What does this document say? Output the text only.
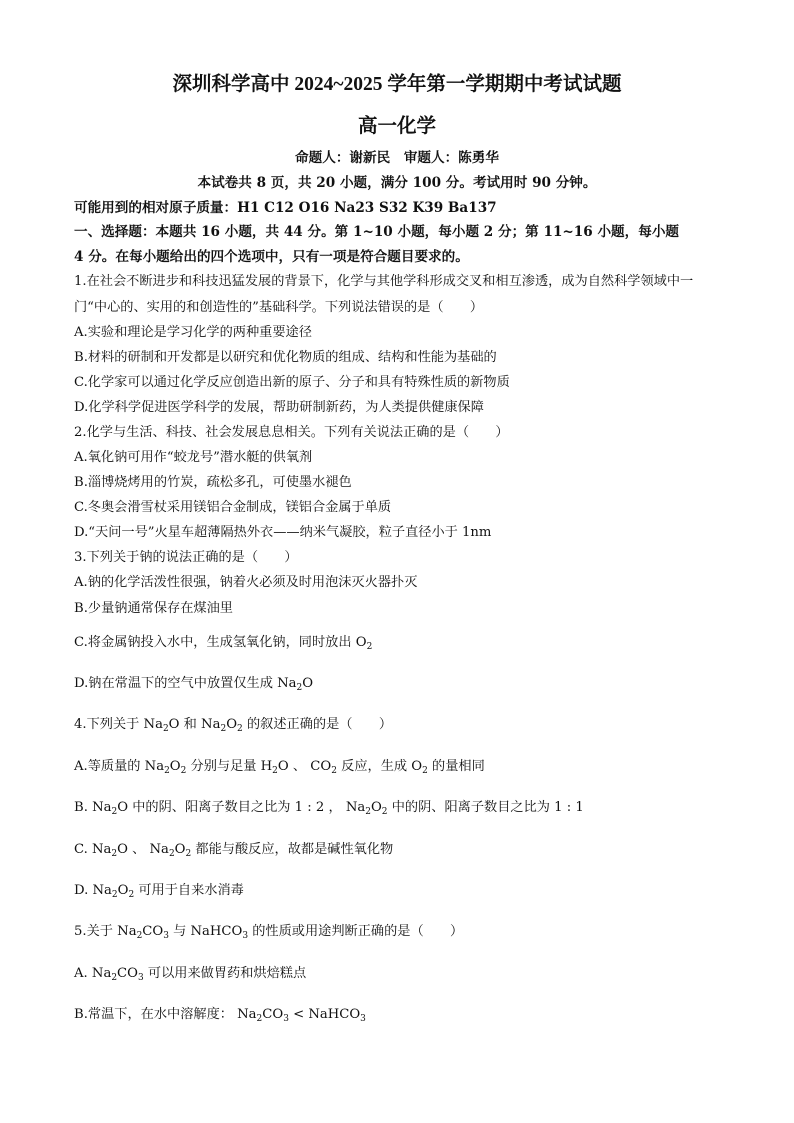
深圳科学高中 2024~2025 学年第一学期期中考试试题
高一化学
命题人：谢新民　审题人：陈勇华
本试卷共 8 页，共 20 小题，满分 100 分。考试用时 90 分钟。
可能用到的相对原子质量：H1 C12 O16 Na23 S32 K39 Ba137
一、选择题：本题共 16 小题，共 44 分。第 1~10 小题，每小题 2 分；第 11~16 小题，每小题
4 分。在每小题给出的四个选项中，只有一项是符合题目要求的。
1.在社会不断进步和科技迅猛发展的背景下，化学与其他学科形成交叉和相互渗透，成为自然科学领域中一
门“中心的、实用的和创造性的”基础科学。下列说法错误的是（　　）
A.实验和理论是学习化学的两种重要途径
B.材料的研制和开发都是以研究和优化物质的组成、结构和性能为基础的
C.化学家可以通过化学反应创造出新的原子、分子和具有特殊性质的新物质
D.化学科学促进医学科学的发展，帮助研制新药，为人类提供健康保障
2.化学与生活、科技、社会发展息息相关。下列有关说法正确的是（　　）
A.氧化钠可用作“蛟龙号”潜水艇的供氧剂
B.淄博烧烤用的竹炭，疏松多孔，可使墨水褪色
C.冬奥会滑雪杖采用镁铝合金制成，镁铝合金属于单质
D.“天问一号”火星车超薄隔热外衣——纳米气凝胶，粒子直径小于 1nm
3.下列关于钠的说法正确的是（　　）
A.钠的化学活泼性很强，钠着火必须及时用泡沫灭火器扑灭
B.少量钠通常保存在煤油里
C.将金属钠投入水中，生成氢氧化钠，同时放出 $O_2$
D.钠在常温下的空气中放置仅生成 $Na_2O$
4.下列关于 $Na_2O$ 和 $Na_2O_2$ 的叙述正确的是（　　）
A.等质量的 $Na_2O_2$ 分别与足量 $H_2O$ 、 $CO_2$ 反应，生成 $O_2$ 的量相同
B. $Na_2O$ 中的阴、阳离子数目之比为 1 : 2 ， $Na_2O_2$ 中的阴、阳离子数目之比为 1 : 1
C. $Na_2O$ 、 $Na_2O_2$ 都能与酸反应，故都是碱性氧化物
D. $Na_2O_2$ 可用于自来水消毒
5.关于 $Na_2CO_3$ 与 NaHCO$_3$ 的性质或用途判断正确的是（　　）
A. $Na_2CO_3$ 可以用来做胃药和烘焙糕点
B.常温下，在水中溶解度： $Na_2CO_3$ < NaHCO$_3$
